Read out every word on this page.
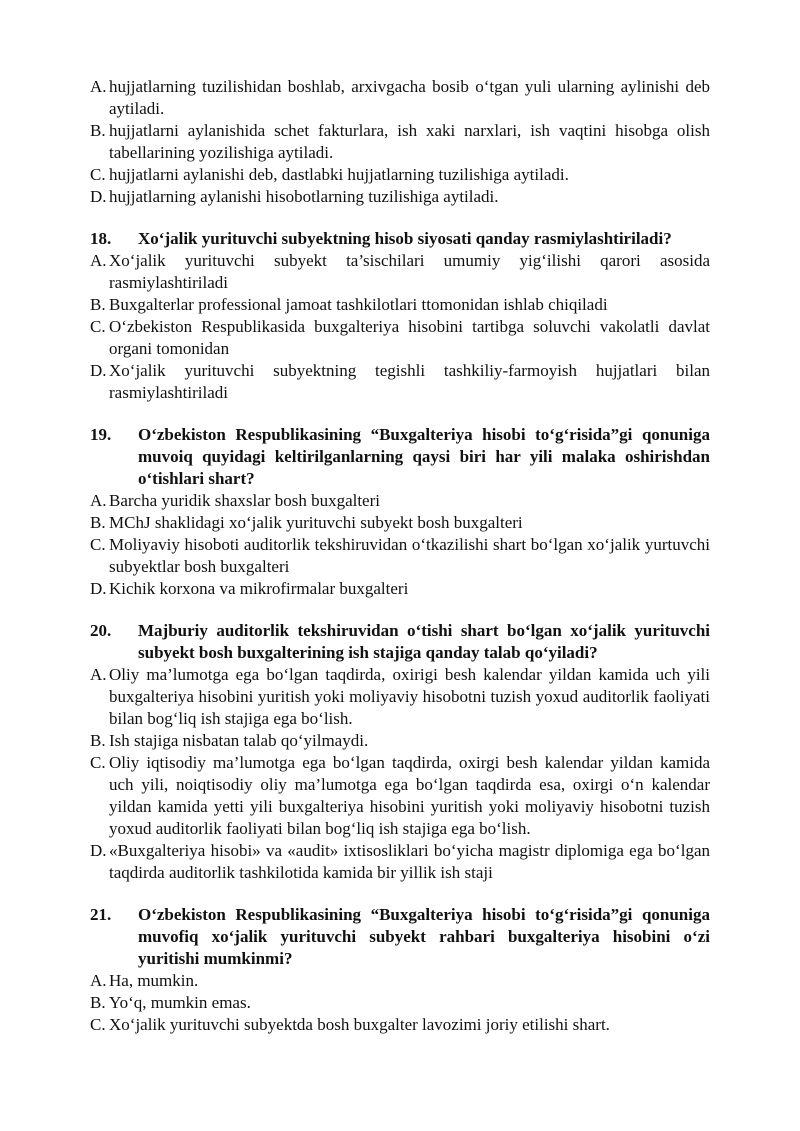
A. hujjatlarning tuzilishidan boshlab, arxivgacha bosib o‘tgan yuli ularning aylinishi deb aytiladi.
B. hujjatlarni aylanishida schet fakturlara, ish xaki narxlari, ish vaqtini hisobga olish tabellarining yozilishiga aytiladi.
C. hujjatlarni aylanishi deb, dastlabki hujjatlarning tuzilishiga aytiladi.
D. hujjatlarning aylanishi hisobotlarning tuzilishiga aytiladi.
18.	Xo‘jalik yurituvchi subyektning hisob siyosati qanday rasmiylashtiriladi?
A. Xo‘jalik yurituvchi subyekt ta’sischilari umumiy yig‘ilishi qarori asosida rasmiylashtiriladi
B. Buxgalterlar professional jamoat tashkilotlari ttomonidan ishlab chiqiladi
C. O‘zbekiston Respublikasida buxgalteriya hisobini tartibga soluvchi vakolatli davlat organi tomonidan
D. Xo‘jalik yurituvchi subyektning tegishli tashkiliy-farmoyish hujjatlari bilan rasmiylashtiriladi
19.	O‘zbekiston Respublikasining “Buxgalteriya hisobi to‘g‘risida”gi qonuniga muvoiq quyidagi keltirilganlarning qaysi biri har yili malaka oshirishdan o‘tishlari shart?
A. Barcha yuridik shaxslar bosh buxgalteri
B. MChJ shaklidagi xo‘jalik yurituvchi subyekt bosh buxgalteri
C. Moliyaviy hisoboti auditorlik tekshiruvidan o‘tkazilishi shart bo‘lgan xo‘jalik yurtuvchi subyektlar bosh buxgalteri
D. Kichik korxona va mikrofirmalar buxgalteri
20.	Majburiy auditorlik tekshiruvidan o‘tishi shart bo‘lgan xo‘jalik yurituvchi subyekt bosh buxgalterining ish stajiga qanday talab qo‘yiladi?
A. Oliy ma’lumotga ega bo‘lgan taqdirda, oxirigi besh kalendar yildan kamida uch yili buxgalteriya hisobini yuritish yoki moliyaviy hisobotni tuzish yoxud auditorlik faoliyati bilan bog‘liq ish stajiga ega bo‘lish.
B. Ish stajiga nisbatan talab qo‘yilmaydi.
C. Oliy iqtisodiy ma’lumotga ega bo‘lgan taqdirda, oxirgi besh kalendar yildan kamida uch yili, noiqtisodiy oliy ma’lumotga ega bo‘lgan taqdirda esa, oxirgi o‘n kalendar yildan kamida yetti yili buxgalteriya hisobini yuritish yoki moliyaviy hisobotni tuzish yoxud auditorlik faoliyati bilan bog‘liq ish stajiga ega bo‘lish.
D. «Buxgalteriya hisobi» va «audit» ixtisosliklari bo‘yicha magistr diplomiga ega bo‘lgan taqdirda auditorlik tashkilotida kamida bir yillik ish staji
21.	O‘zbekiston Respublikasining “Buxgalteriya hisobi to‘g‘risida”gi qonuniga muvofiq xo‘jalik yurituvchi subyekt rahbari buxgalteriya hisobini o‘zi yuritishi mumkinmi?
A. Ha, mumkin.
B. Yo‘q, mumkin emas.
C. Xo‘jalik yurituvchi subyektda bosh buxgalter lavozimi joriy etilishi shart.
